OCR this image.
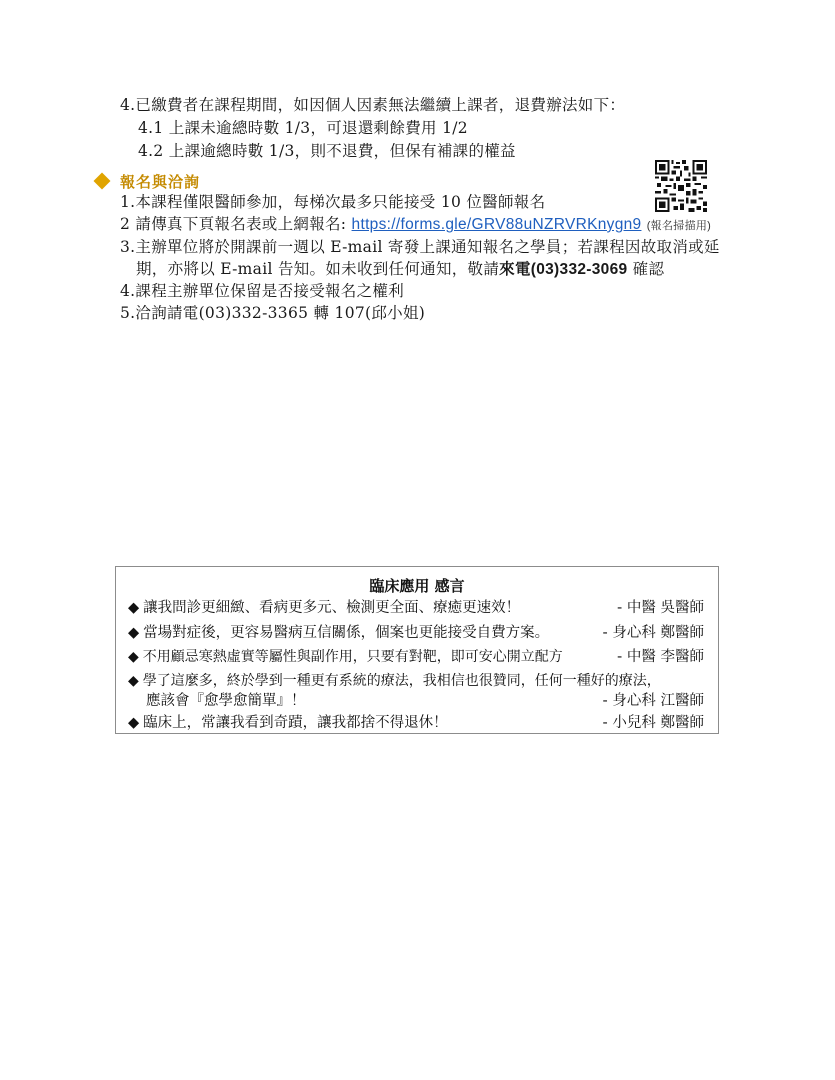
4.已繳費者在課程期間，如因個人因素無法繼續上課者，退費辦法如下：
4.1 上課未逾總時數 1/3，可退還剩餘費用 1/2
4.2 上課逾總時數 1/3，則不退費，但保有補課的權益
報名與洽詢
1.本課程僅限醫師參加，每梯次最多只能接受 10 位醫師報名
2 請傳真下頁報名表或上網報名: https://forms.gle/GRV88uNZRVRKnygn9 (報名掃描用)
3.主辦單位將於開課前一週以 E-mail 寄發上課通知報名之學員；若課程因故取消或延
期，亦將以 E-mail 告知。如未收到任何通知，敬請來電(03)332-3069 確認
4.課程主辦單位保留是否接受報名之權利
5.洽詢請電(03)332-3365 轉 107(邱小姐)
臨床應用 感言
◆ 讓我問診更細緻、看病更多元、檢測更全面、療癒更速效！	- 中醫 吳醫師
◆ 當場對症後，更容易醫病互信關係，個案也更能接受自費方案。	- 身心科 鄭醫師
◆ 不用顧忌寒熱虛實等屬性與副作用，只要有對靶，即可安心開立配方	- 中醫 李醫師
◆ 學了這麼多，終於學到一種更有系統的療法，我相信也很贊同，任何一種好的療法，
應該會『愈學愈簡單』！	- 身心科 江醫師
◆ 臨床上，常讓我看到奇蹟，讓我都捨不得退休！	- 小兒科 鄭醫師
